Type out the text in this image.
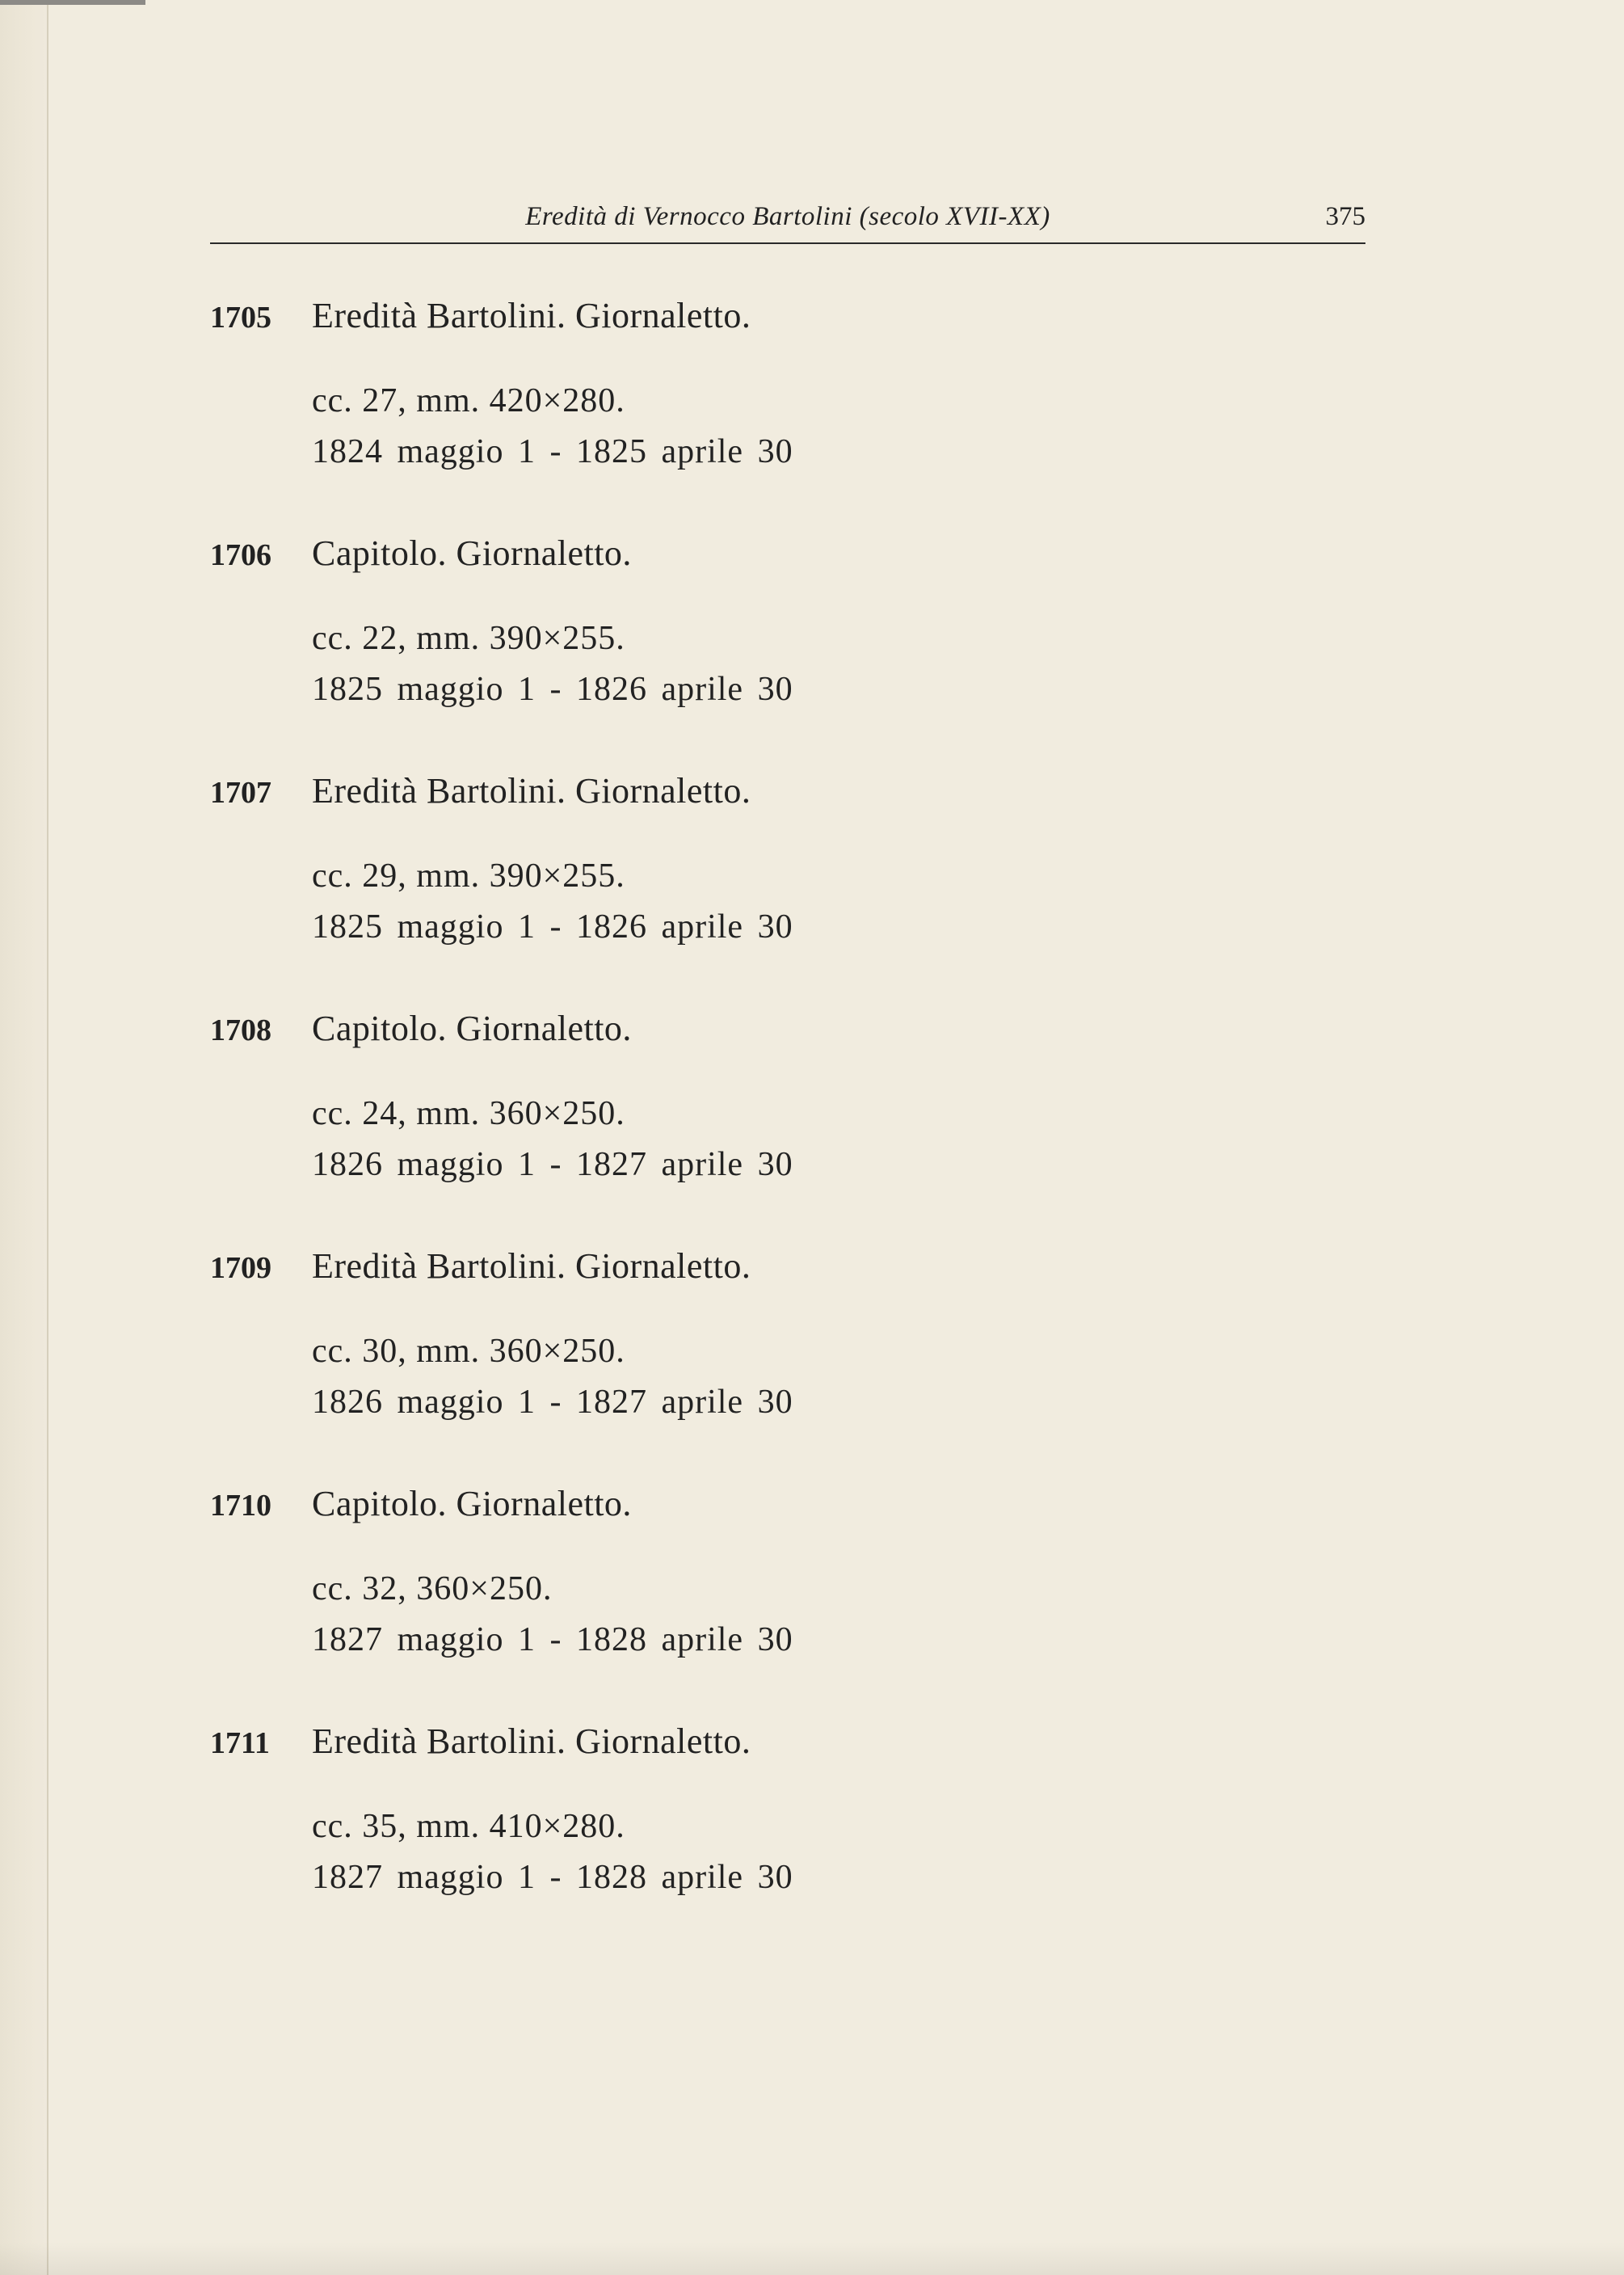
Eredità di Vernocco Bartolini (secolo XVII-XX)	375
1705 Eredità Bartolini. Giornaletto.
cc. 27, mm. 420×280.
1824 maggio 1 - 1825 aprile 30
1706 Capitolo. Giornaletto.
cc. 22, mm. 390×255.
1825 maggio 1 - 1826 aprile 30
1707 Eredità Bartolini. Giornaletto.
cc. 29, mm. 390×255.
1825 maggio 1 - 1826 aprile 30
1708 Capitolo. Giornaletto.
cc. 24, mm. 360×250.
1826 maggio 1 - 1827 aprile 30
1709 Eredità Bartolini. Giornaletto.
cc. 30, mm. 360×250.
1826 maggio 1 - 1827 aprile 30
1710 Capitolo. Giornaletto.
cc. 32, 360×250.
1827 maggio 1 - 1828 aprile 30
1711 Eredità Bartolini. Giornaletto.
cc. 35, mm. 410×280.
1827 maggio 1 - 1828 aprile 30
